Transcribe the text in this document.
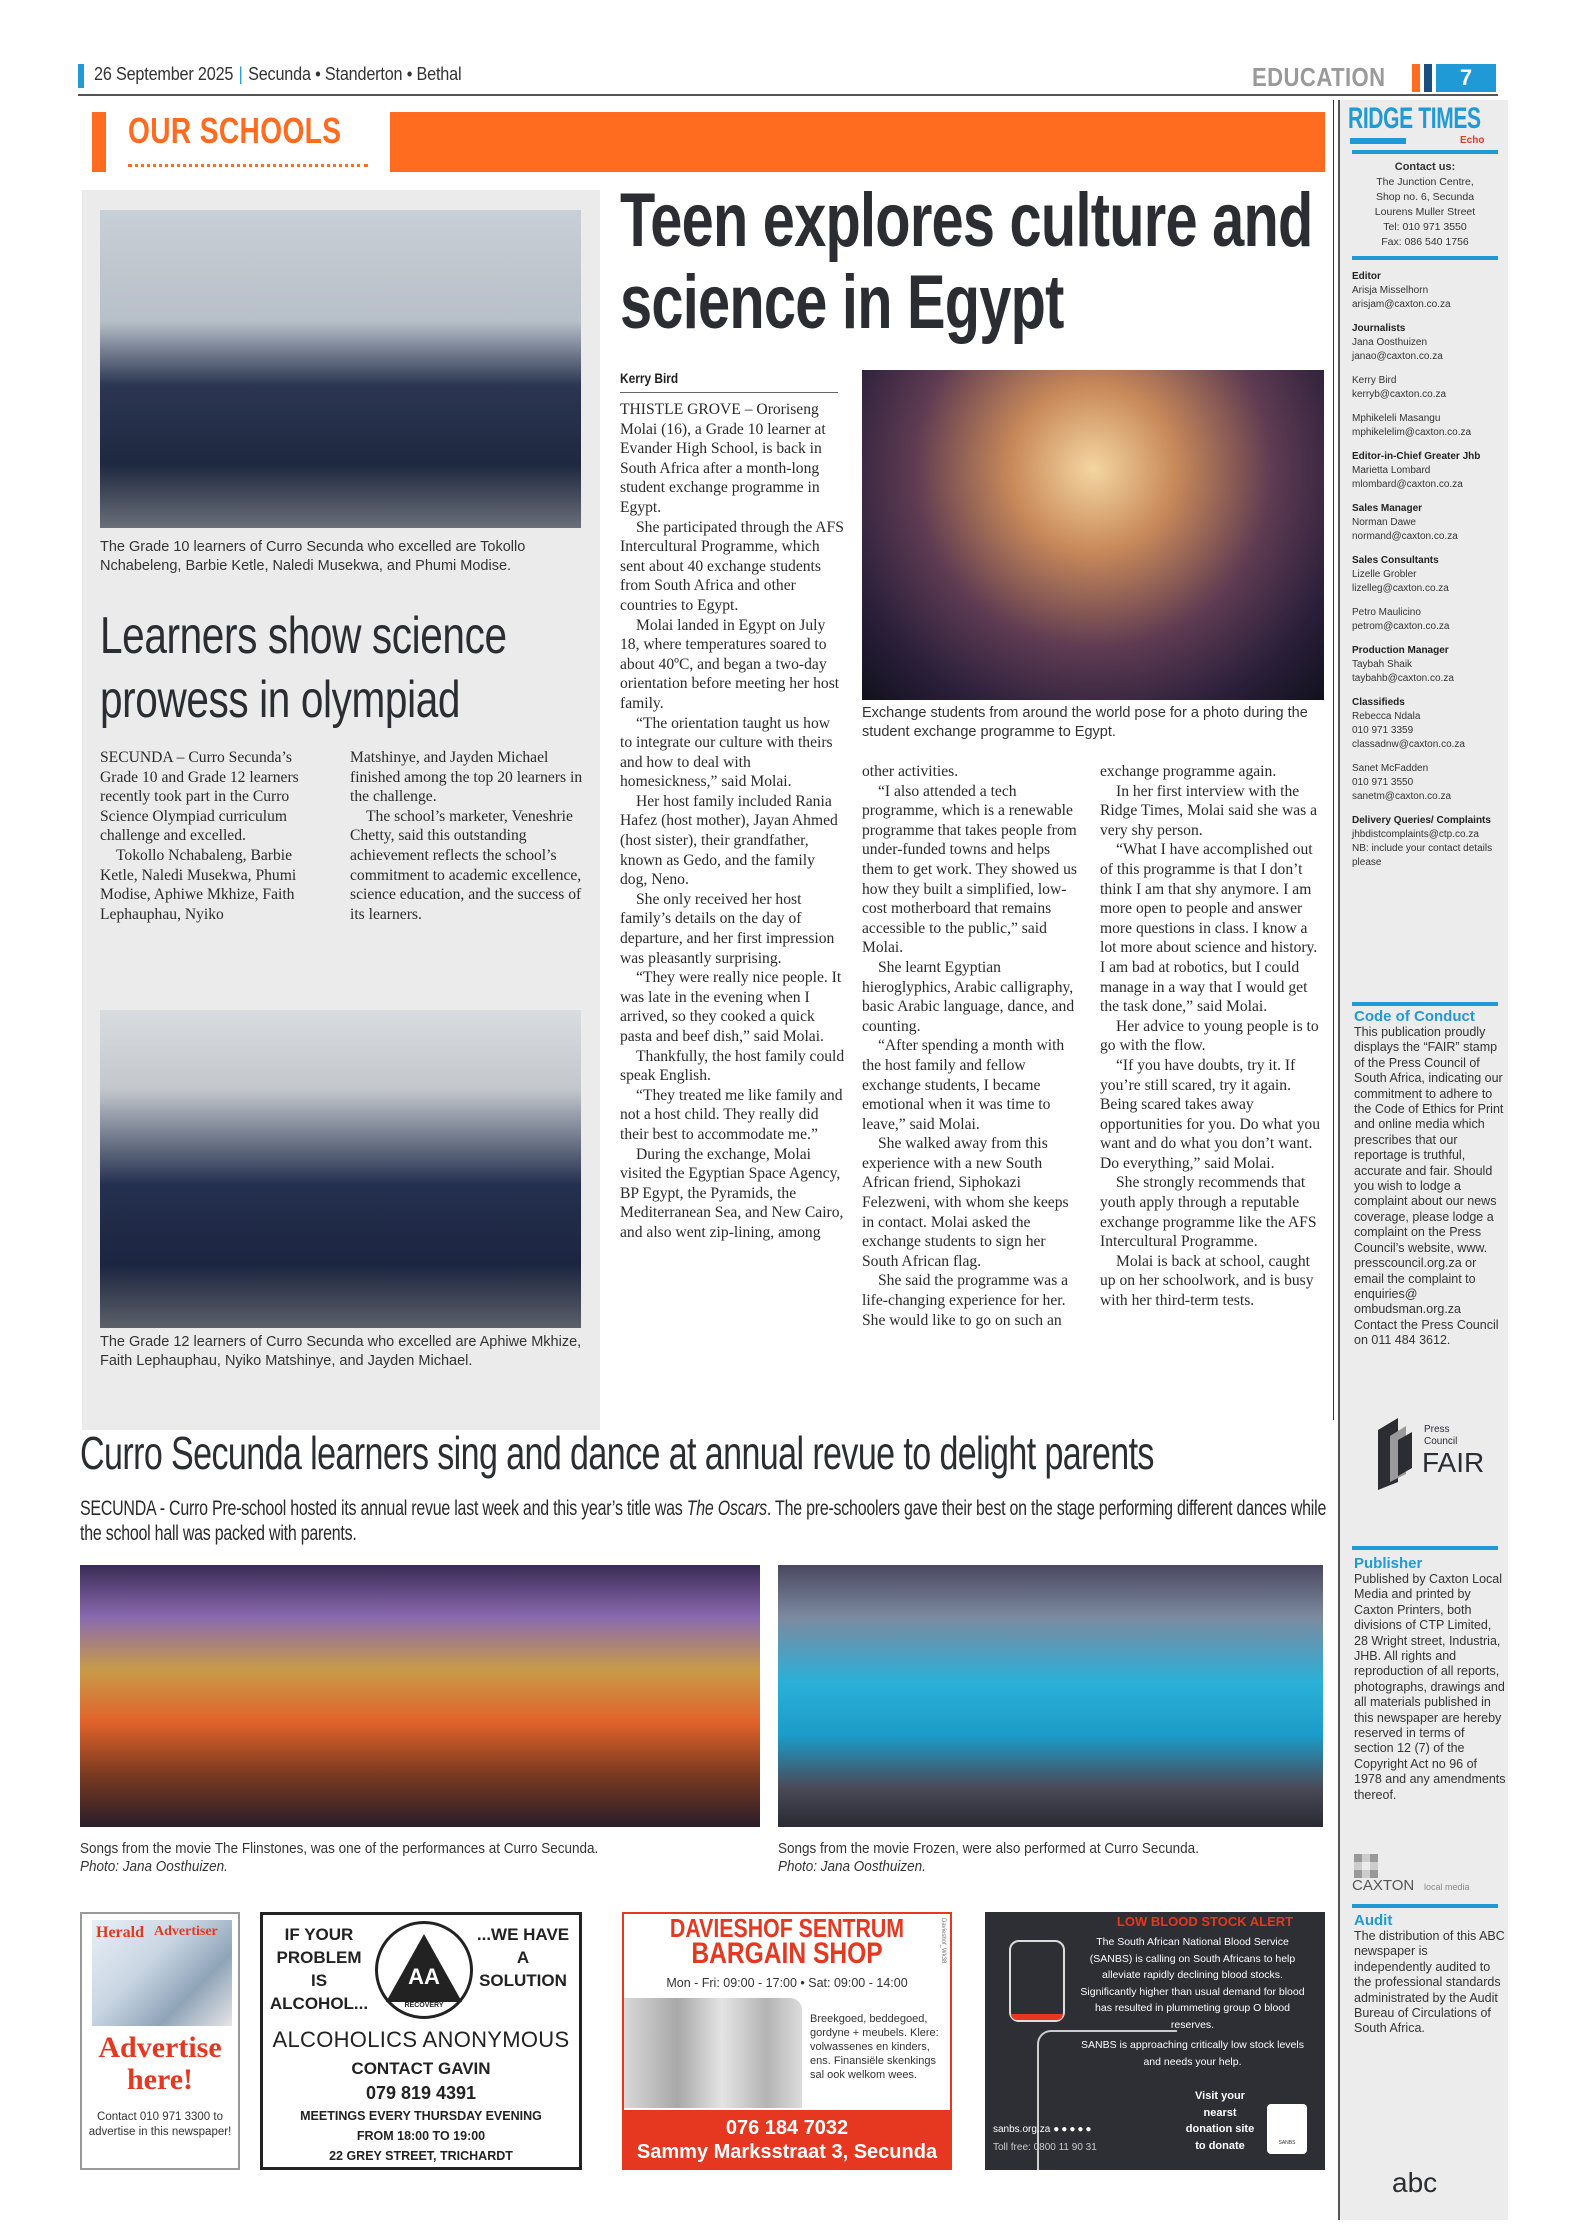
26 September 2025 | Secunda • Standerton • Bethal	EDUCATION	7
OUR SCHOOLS	RIDGE TIMES
Echo
Contact us:
The Junction Centre,
Shop no. 6, Secunda
Lourens Muller Street
Tel: 010 971 3550
Fax: 086 540 1756
Editor
Arisja Misselhorn
arisjam@caxton.co.za
Journalists
Jana Oosthuizen
janao@caxton.co.za
Kerry Bird
kerryb@caxton.co.za
Mphikeleli Masangu
mphikelelim@caxton.co.za
Editor-in-Chief Greater Jhb
Marietta Lombard
mlombard@caxton.co.za
Sales Manager
Norman Dawe
normand@caxton.co.za
Sales Consultants
Lizelle Grobler
lizelleg@caxton.co.za
Petro Maulicino
petrom@caxton.co.za
Production Manager
Taybah Shaik
taybahb@caxton.co.za
Classifieds
Rebecca Ndala
010 971 3359
classadnw@caxton.co.za
Sanet McFadden
010 971 3550
sanetm@caxton.co.za
Delivery Queries/ Complaints
jhbdistcomplaints@ctp.co.za
NB: include your contact details please
Code of Conduct
This publication proudly displays the “FAIR” stamp of the Press Council of South Africa, indicating our commitment to adhere to the Code of Ethics for Print and online media which prescribes that our reportage is truthful, accurate and fair. Should you wish to lodge a complaint about our news coverage, please lodge a complaint on the Press Council’s website, www. presscouncil.org.za or email the complaint to enquiries@ ombudsman.org.za Contact the Press Council on 011 484 3612.
Press
Council
FAIR
Publisher
Published by Caxton Local Media and printed by Caxton Printers, both divisions of CTP Limited, 28 Wright street, Industria, JHB. All rights and reproduction of all reports, photographs, drawings and all materials published in this newspaper are hereby reserved in terms of section 12 (7) of the Copyright Act no 96 of 1978 and any amendments thereof.
CAXTON local media
Audit
The distribution of this ABC newspaper is independently audited to the professional standards administrated by the Audit Bureau of Circulations of South Africa.
abc
The Grade 10 learners of Curro Secunda who excelled are Tokollo Nchabeleng, Barbie Ketle, Naledi Musekwa, and Phumi Modise.
Learners show science prowess in olympiad

SECUNDA – Curro Secunda’s Grade 10 and Grade 12 learners recently took part in the Curro Science Olympiad curriculum challenge and excelled.

Tokollo Nchabaleng, Barbie Ketle, Naledi Musekwa, Phumi Modise, Aphiwe Mkhize, Faith Lephauphau, Nyiko

Matshinye, and Jayden Michael finished among the top 20 learners in the challenge.

The school’s marketer, Veneshrie Chetty, said this outstanding achievement reflects the school’s commitment to academic excellence, science education, and the success of its learners.

The Grade 12 learners of Curro Secunda who excelled are Aphiwe Mkhize, Faith Lephauphau, Nyiko Matshinye, and Jayden Michael.
Teen explores culture and science in Egypt
Kerry Bird

THISTLE GROVE – Ororiseng Molai (16), a Grade 10 learner at Evander High School, is back in South Africa after a month-long student exchange programme in Egypt.

She participated through the AFS Intercultural Programme, which sent about 40 exchange students from South Africa and other countries to Egypt.

Molai landed in Egypt on July 18, where temperatures soared to about 40ºC, and began a two-day orientation before meeting her host family.

“The orientation taught us how to integrate our culture with theirs and how to deal with homesickness,” said Molai.

Her host family included Rania Hafez (host mother), Jayan Ahmed (host sister), their grandfather, known as Gedo, and the family dog, Neno.

She only received her host family’s details on the day of departure, and her first impression was pleasantly surprising.

“They were really nice people. It was late in the evening when I arrived, so they cooked a quick pasta and beef dish,” said Molai.

Thankfully, the host family could speak English.

“They treated me like family and not a host child. They really did their best to accommodate me.”

During the exchange, Molai visited the Egyptian Space Agency, BP Egypt, the Pyramids, the Mediterranean Sea, and New Cairo, and also went zip-lining, among

Exchange students from around the world pose for a photo during the student exchange programme to Egypt.

other activities.

“I also attended a tech programme, which is a renewable programme that takes people from under-funded towns and helps them to get work. They showed us how they built a simplified, low-cost motherboard that remains accessible to the public,” said Molai.

She learnt Egyptian hieroglyphics, Arabic calligraphy, basic Arabic language, dance, and counting.

“After spending a month with the host family and fellow exchange students, I became emotional when it was time to leave,” said Molai.

She walked away from this experience with a new South African friend, Siphokazi Felezweni, with whom she keeps in contact. Molai asked the exchange students to sign her South African flag.

She said the programme was a life-changing experience for her. She would like to go on such an

exchange programme again.

In her first interview with the Ridge Times, Molai said she was a very shy person.

“What I have accomplished out of this programme is that I don’t think I am that shy anymore. I am more open to people and answer more questions in class. I know a lot more about science and history. I am bad at robotics, but I could manage in a way that I would get the task done,” said Molai.

Her advice to young people is to go with the flow.

“If you have doubts, try it. If you’re still scared, try it again. Being scared takes away opportunities for you. Do what you want and do what you don’t want. Do everything,” said Molai.

She strongly recommends that youth apply through a reputable exchange programme like the AFS Intercultural Programme.

Molai is back at school, caught up on her schoolwork, and is busy with her third-term tests.

Curro Secunda learners sing and dance at annual revue to delight parents
SECUNDA - Curro Pre-school hosted its annual revue last week and this year’s title was The Oscars. The pre-schoolers gave their best on the stage performing different dances while the school hall was packed with parents.
Songs from the movie The Flinstones, was one of the performances at Curro Secunda.
Photo: Jana Oosthuizen.
Songs from the movie Frozen, were also performed at Curro Secunda.
Photo: Jana Oosthuizen.
Herald Advertiser
Advertise here!
Contact 010 971 3300 to advertise in this newspaper!
IF YOUR PROBLEM IS ALCOHOL...
...WE HAVE A SOLUTION
AA
RECOVERY
ALCOHOLICS ANONYMOUS
CONTACT GAVIN
079 819 4391
MEETINGS EVERY THURSDAY EVENING
FROM 18:00 TO 19:00
22 GREY STREET, TRICHARDT
DAVIESHOF SENTRUM
BARGAIN SHOP
Mon - Fri: 09:00 - 17:00 • Sat: 09:00 - 14:00
Breekgoed, beddegoed, gordyne + meubels. Klere: volwassenes en kinders, ens. Finansiële skenkings sal ook welkom wees.
Davieshof_Wk38
076 184 7032
Sammy Marksstraat 3, Secunda
LOW BLOOD STOCK ALERT
The South African National Blood Service (SANBS) is calling on South Africans to help alleviate rapidly declining blood stocks. Significantly higher than usual demand for blood has resulted in plummeting group O blood reserves.
SANBS is approaching critically low stock levels and needs your help.
Visit your nearst donation site to donate	SANBS
sanbs.org.za ●●●●●
Toll free: 0800 11 90 31
